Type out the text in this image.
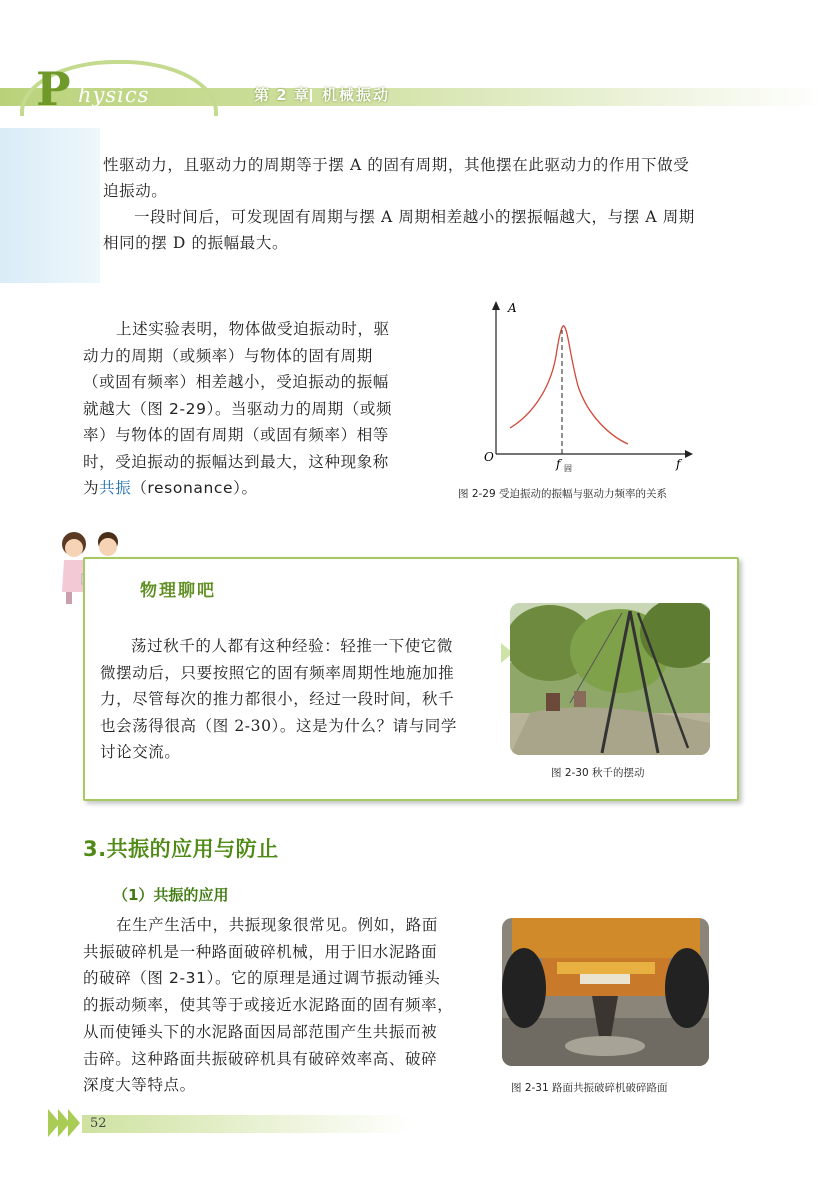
P hysics	第 2 章 机械振动

性驱动力，且驱动力的周期等于摆 A 的固有周期，其他摆在此驱动力的作用下做受

迫振动。

一段时间后，可发现固有周期与摆 A 周期相差越小的摆振幅越大，与摆 A 周期

相同的摆 D 的振幅最大。

上述实验表明，物体做受迫振动时，驱

动力的周期（或频率）与物体的固有周期

（或固有频率）相差越小，受迫振动的振幅

就越大（图 2-29）。当驱动力的周期（或频

率）与物体的固有周期（或固有频率）相等

时，受迫振动的振幅达到最大，这种现象称

为共振（resonance）。

A
O	f 固	f
图 2-29 受迫振动的振幅与驱动力频率的关系
物理聊吧

荡过秋千的人都有这种经验：轻推一下使它微

微摆动后，只要按照它的固有频率周期性地施加推

力，尽管每次的推力都很小，经过一段时间，秋千

也会荡得很高（图 2-30）。这是为什么？请与同学

讨论交流。

图 2-30 秋千的摆动
3.共振的应用与防止
（1）共振的应用

在生产生活中，共振现象很常见。例如，路面

共振破碎机是一种路面破碎机械，用于旧水泥路面

的破碎（图 2-31）。它的原理是通过调节振动锤头

的振动频率，使其等于或接近水泥路面的固有频率，

从而使锤头下的水泥路面因局部范围产生共振而被

击碎。这种路面共振破碎机具有破碎效率高、破碎

深度大等特点。	图 2-31 路面共振破碎机破碎路面
52
